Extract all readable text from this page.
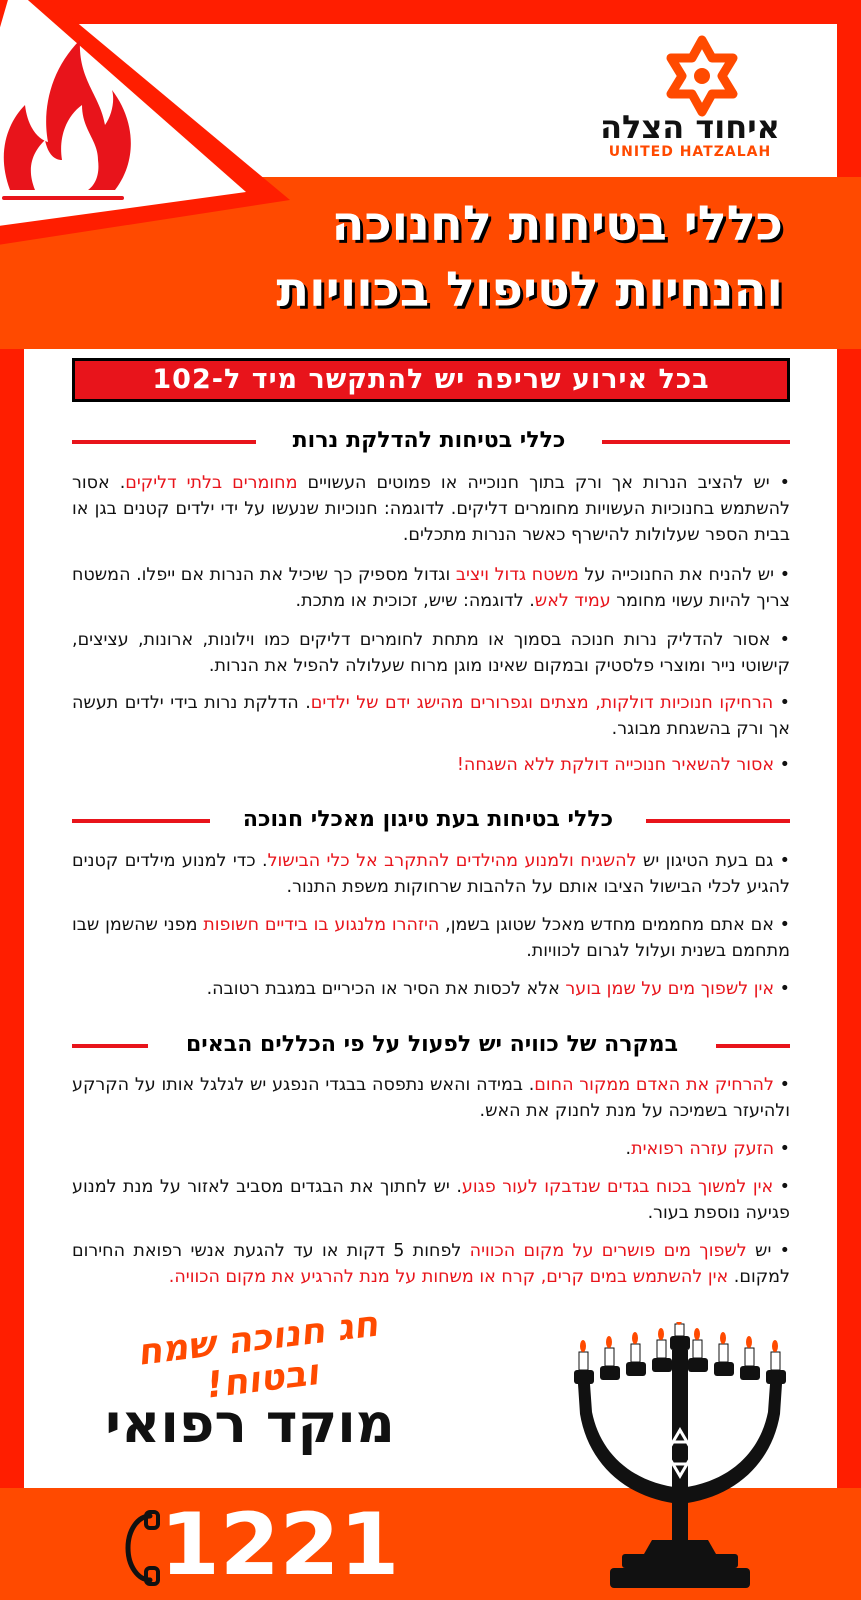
כללי בטיחות לחנוכה
והנחיות לטיפול בכוויות
איחוד הצלה
UNITED HATZALAH
בכל אירוע שריפה יש להתקשר מיד ל-102
כללי בטיחות להדלקת נרות
• יש להציב הנרות אך ורק בתוך חנוכייה או פמוטים העשויים מחומרים בלתי דליקים. אסור להשתמש בחנוכיות העשויות מחומרים דליקים. לדוגמה: חנוכיות שנעשו על ידי ילדים קטנים בגן או בבית הספר שעלולות להישרף כאשר הנרות מתכלים.
• יש להניח את החנוכייה על משטח גדול ויציב וגדול מספיק כך שיכיל את הנרות אם ייפלו. המשטח צריך להיות עשוי מחומר עמיד לאש. לדוגמה: שיש, זכוכית או מתכת.
• אסור להדליק נרות חנוכה בסמוך או מתחת לחומרים דליקים כמו וילונות, ארונות, עציצים, קישוטי נייר ומוצרי פלסטיק ובמקום שאינו מוגן מרוח שעלולה להפיל את הנרות.
• הרחיקו חנוכיות דולקות, מצתים וגפרורים מהישג ידם של ילדים. הדלקת נרות בידי ילדים תעשה אך ורק בהשגחת מבוגר.
• אסור להשאיר חנוכייה דולקת ללא השגחה!
כללי בטיחות בעת טיגון מאכלי חנוכה
• גם בעת הטיגון יש להשגיח ולמנוע מהילדים להתקרב אל כלי הבישול. כדי למנוע מילדים קטנים להגיע לכלי הבישול הציבו אותם על הלהבות שרחוקות משפת התנור.
• אם אתם מחממים מחדש מאכל שטוגן בשמן, היזהרו מלנגוע בו בידיים חשופות מפני שהשמן שבו מתחמם בשנית ועלול לגרום לכוויות.
• אין לשפוך מים על שמן בוער אלא לכסות את הסיר או הכיריים במגבת רטובה.
במקרה של כוויה יש לפעול על פי הכללים הבאים
• להרחיק את האדם ממקור החום. במידה והאש נתפסה בבגדי הנפגע יש לגלגל אותו על הקרקע ולהיעזר בשמיכה על מנת לחנוק את האש.
• הזעק עזרה רפואית.
• אין למשוך בכוח בגדים שנדבקו לעור פגוע. יש לחתוך את הבגדים מסביב לאזור על מנת למנוע פגיעה נוספת בעור.
• יש לשפוך מים פושרים על מקום הכוויה לפחות 5 דקות או עד להגעת אנשי רפואת החירום למקום. אין להשתמש במים קרים, קרח או משחות על מנת להרגיע את מקום הכוויה.
חג חנוכה שמח ובטוח!
מוקד רפואי
1221
